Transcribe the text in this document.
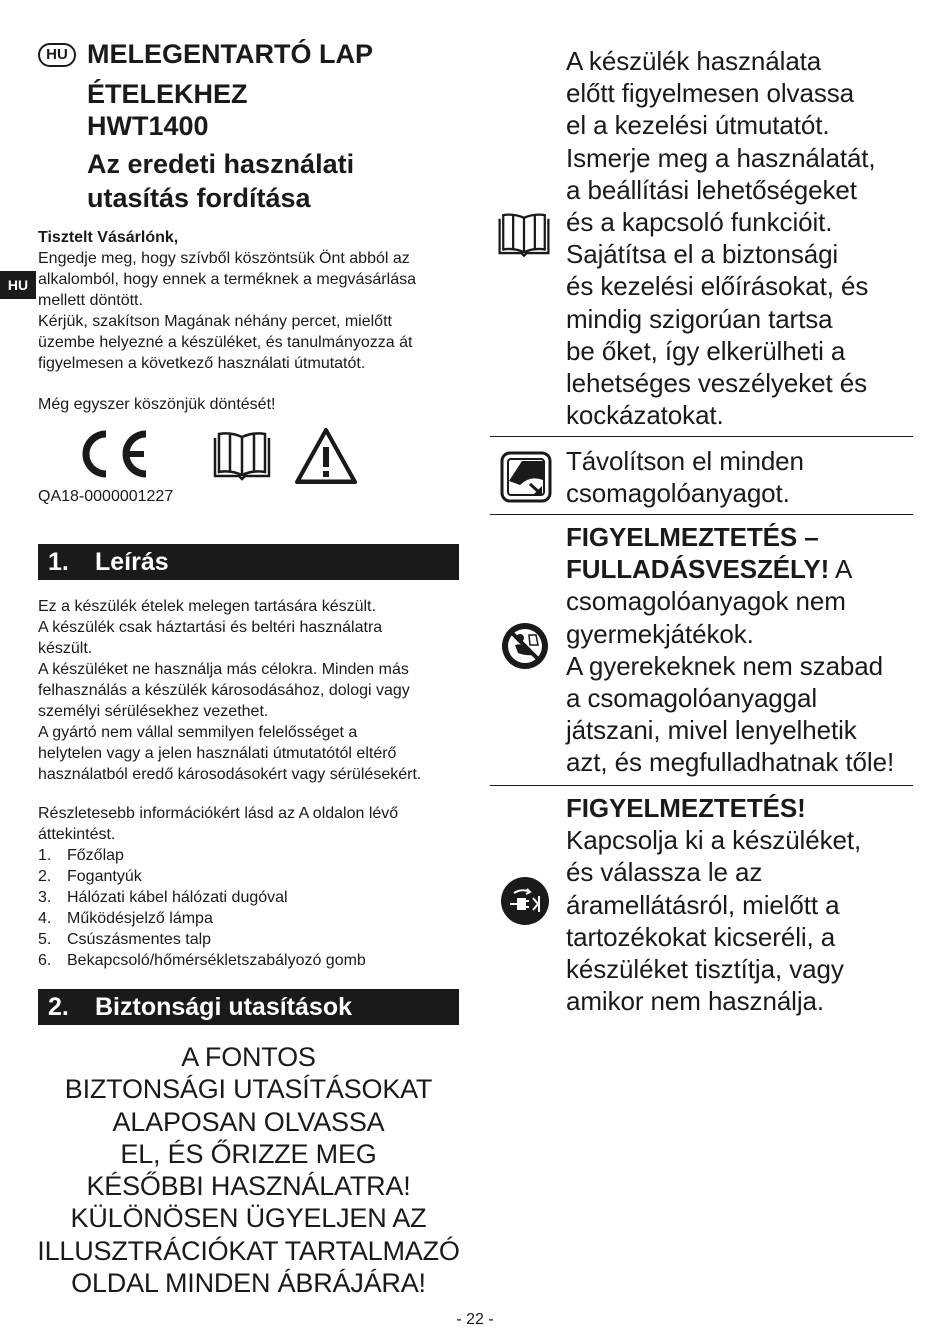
HU MELEGENTARTÓ LAP
ÉTELEKHEZ
HWT1400
Az eredeti használati
utasítás fordítása
HU
Tisztelt Vásárlónk,

Engedje meg, hogy szívből köszöntsük Önt abból az

alkalomból, hogy ennek a terméknek a megvásárlása

mellett döntött.

Kérjük, szakítson Magának néhány percet, mielőtt

üzembe helyezné a készüléket, és tanulmányozza át

figyelmesen a következő használati útmutatót.

Még egyszer köszönjük döntését!
QA18-0000001227
1. Leírás

Ez a készülék ételek melegen tartására készült.

A készülék csak háztartási és beltéri használatra

készült.

A készüléket ne használja más célokra. Minden más

felhasználás a készülék károsodásához, dologi vagy

személyi sérülésekhez vezethet.

A gyártó nem vállal semmilyen felelősséget a

helytelen vagy a jelen használati útmutatótól eltérő

használatból eredő károsodásokért vagy sérülésekért.

Részletesebb információkért lásd az A oldalon lévő
áttekintést.
1. Főzőlap
2. Fogantyúk
3. Hálózati kábel hálózati dugóval
4. Működésjelző lámpa
5. Csúszásmentes talp
6. Bekapcsoló/hőmérsékletszabályozó gomb
2. Biztonsági utasítások
A FONTOS
BIZTONSÁGI UTASÍTÁSOKAT
ALAPOSAN OLVASSA
EL, ÉS ŐRIZZE MEG
KÉSŐBBI HASZNÁLATRA!
KÜLÖNÖSEN ÜGYELJEN AZ
ILLUSZTRÁCIÓKAT TARTALMAZÓ
OLDAL MINDEN ÁBRÁJÁRA!
- 22 -
A készülék használata
előtt figyelmesen olvassa
el a kezelési útmutatót.
Ismerje meg a használatát,
a beállítási lehetőségeket
és a kapcsoló funkcióit.
Sajátítsa el a biztonsági
és kezelési előírásokat, és
mindig szigorúan tartsa
be őket, így elkerülheti a
lehetséges veszélyeket és
kockázatokat.
Távolítson el minden
csomagolóanyagot.
FIGYELMEZTETÉS –
FULLADÁSVESZÉLY! A
csomagolóanyagok nem
gyermekjátékok.
A gyerekeknek nem szabad
a csomagolóanyaggal
játszani, mivel lenyelhetik
azt, és megfulladhatnak tőle!
FIGYELMEZTETÉS!
Kapcsolja ki a készüléket,
és válassza le az
áramellátásról, mielőtt a
tartozékokat kicseréli, a
készüléket tisztítja, vagy
amikor nem használja.
